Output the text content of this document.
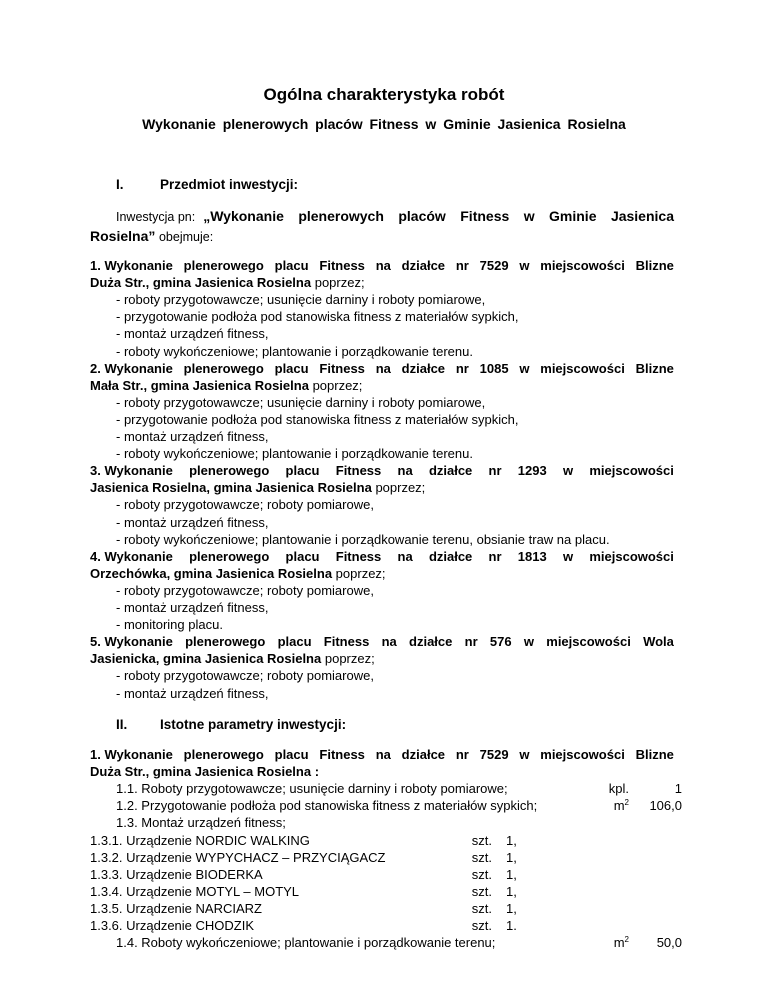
Ogólna charakterystyka robót
Wykonanie plenerowych placów Fitness w Gminie Jasienica Rosielna
I.	Przedmiot inwestycji:
Inwestycja pn: „Wykonanie plenerowych placów Fitness w Gminie Jasienica
Rosielna” obejmuje:
1. Wykonanie plenerowego placu Fitness na działce nr 7529 w miejscowości Blizne
Duża Str., gmina Jasienica Rosielna poprzez;
- roboty przygotowawcze; usunięcie darniny i roboty pomiarowe,
- przygotowanie podłoża pod stanowiska fitness z materiałów sypkich,
- montaż urządzeń fitness,
- roboty wykończeniowe; plantowanie i porządkowanie terenu.
2. Wykonanie plenerowego placu Fitness na działce nr 1085 w miejscowości Blizne
Mała Str., gmina Jasienica Rosielna poprzez;
- roboty przygotowawcze; usunięcie darniny i roboty pomiarowe,
- przygotowanie podłoża pod stanowiska fitness z materiałów sypkich,
- montaż urządzeń fitness,
- roboty wykończeniowe; plantowanie i porządkowanie terenu.
3. Wykonanie plenerowego placu Fitness na działce nr 1293 w miejscowości
Jasienica Rosielna, gmina Jasienica Rosielna poprzez;
- roboty przygotowawcze; roboty pomiarowe,
- montaż urządzeń fitness,
- roboty wykończeniowe; plantowanie i porządkowanie terenu, obsianie traw na placu.
4. Wykonanie plenerowego placu Fitness na działce nr 1813 w miejscowości
Orzechówka, gmina Jasienica Rosielna poprzez;
- roboty przygotowawcze; roboty pomiarowe,
- montaż urządzeń fitness,
- monitoring placu.
5. Wykonanie plenerowego placu Fitness na działce nr 576 w miejscowości Wola
Jasienicka, gmina Jasienica Rosielna poprzez;
- roboty przygotowawcze; roboty pomiarowe,
- montaż urządzeń fitness,
II. Istotne parametry inwestycji:
1. Wykonanie plenerowego placu Fitness na działce nr 7529 w miejscowości Blizne
Duża Str., gmina Jasienica Rosielna :
1.1. Roboty przygotowawcze; usunięcie darniny i roboty pomiarowe;	kpl.	1
1.2. Przygotowanie podłoża pod stanowiska fitness z materiałów sypkich;	$m^2$ 106,0
1.3. Montaż urządzeń fitness;
1.3.1. Urządzenie NORDIC WALKING	szt. 1,
1.3.2. Urządzenie WYPYCHACZ – PRZYCIĄGACZ	szt. 1,
1.3.3. Urządzenie BIODERKA	szt. 1,
1.3.4. Urządzenie MOTYL – MOTYL	szt. 1,
1.3.5. Urządzenie NARCIARZ	szt. 1,
1.3.6. Urządzenie CHODZIK	szt. 1.
1.4. Roboty wykończeniowe; plantowanie i porządkowanie terenu;	$m^2$ 50,0
